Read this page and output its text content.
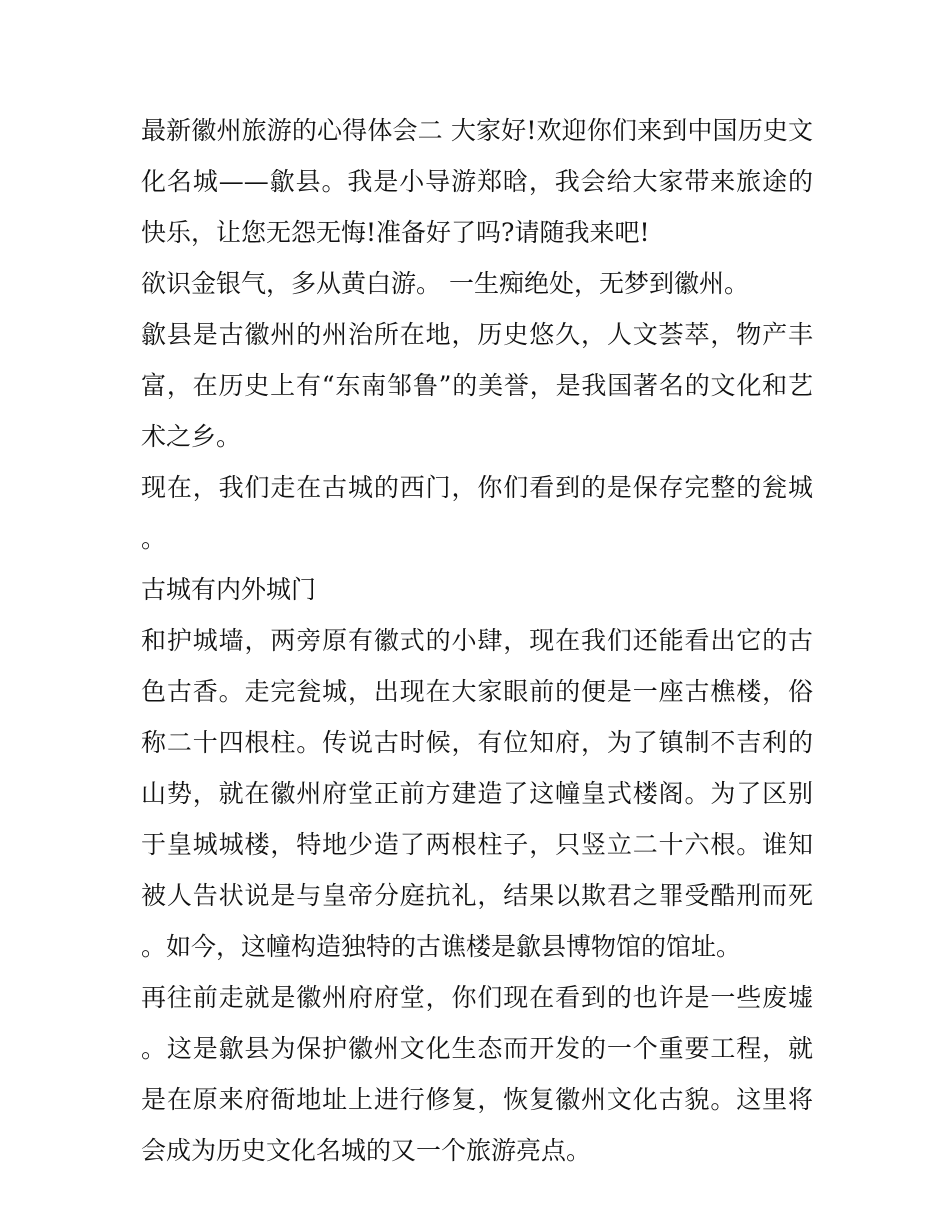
最新徽州旅游的心得体会二 大家好!欢迎你们来到中国历史文化名城——歙县。我是小导游郑晗，我会给大家带来旅途的快乐，让您无怨无悔!准备好了吗?请随我来吧!

欲识金银气，多从黄白游。 一生痴绝处，无梦到徽州。

歙县是古徽州的州治所在地，历史悠久，人文荟萃，物产丰富，在历史上有“东南邹鲁”的美誉，是我国著名的文化和艺术之乡。

现在，我们走在古城的西门，你们看到的是保存完整的瓮城。

古城有内外城门

和护城墙，两旁原有徽式的小肆，现在我们还能看出它的古色古香。走完瓮城，出现在大家眼前的便是一座古樵楼，俗称二十四根柱。传说古时候，有位知府，为了镇制不吉利的山势，就在徽州府堂正前方建造了这幢皇式楼阁。为了区别于皇城城楼，特地少造了两根柱子，只竖立二十六根。谁知被人告状说是与皇帝分庭抗礼，结果以欺君之罪受酷刑而死。如今，这幢构造独特的古谯楼是歙县博物馆的馆址。

再往前走就是徽州府府堂，你们现在看到的也许是一些废墟。这是歙县为保护徽州文化生态而开发的一个重要工程，就是在原来府衙地址上进行修复，恢复徽州文化古貌。这里将会成为历史文化名城的又一个旅游亮点。
